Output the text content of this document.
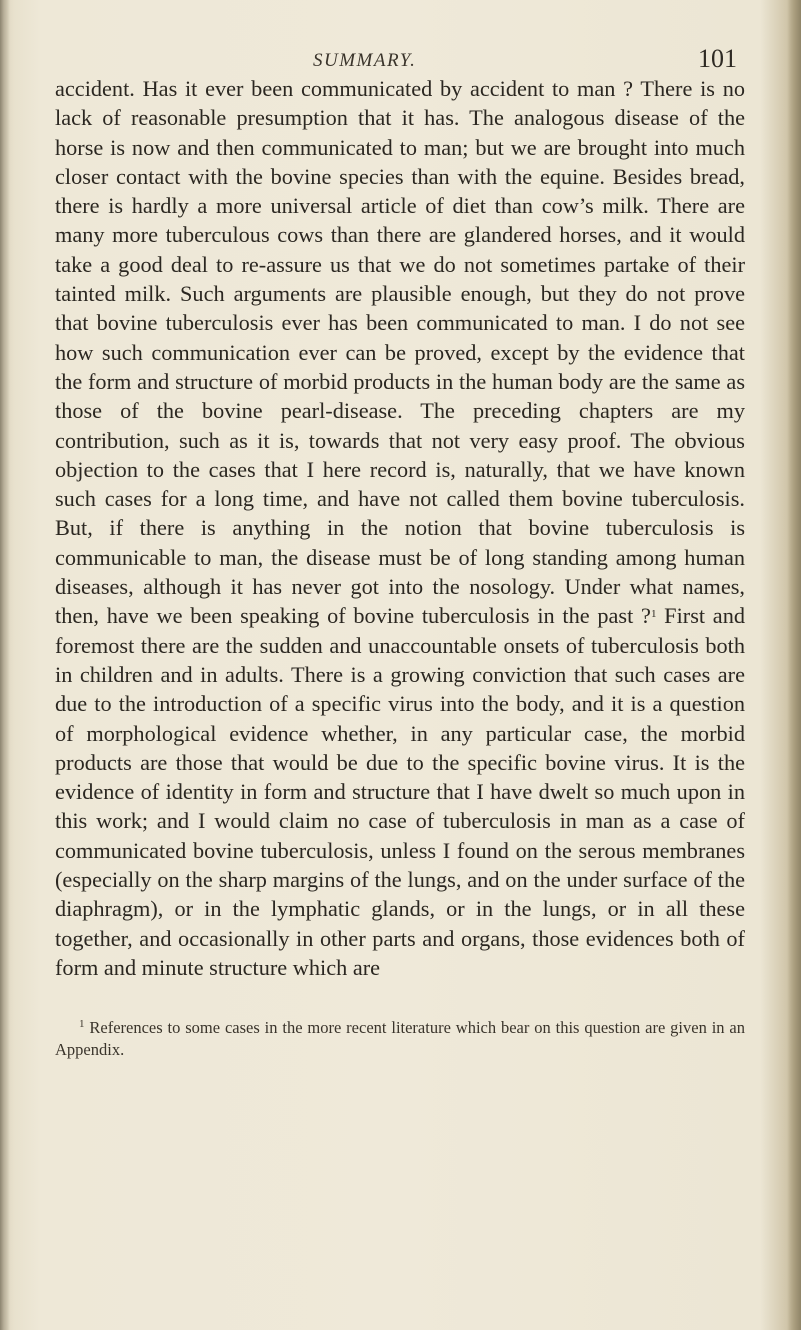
SUMMARY.	101

accident. Has it ever been communicated by accident to man ? There is no lack of reasonable presumption that it has. The analogous disease of the horse is now and then communicated to man; but we are brought into much closer contact with the bovine species than with the equine. Besides bread, there is hardly a more universal article of diet than cow’s milk. There are many more tuberculous cows than there are glandered horses, and it would take a good deal to re-assure us that we do not sometimes partake of their tainted milk. Such arguments are plausible enough, but they do not prove that bovine tuberculosis ever has been communicated to man. I do not see how such communication ever can be proved, except by the evidence that the form and structure of morbid products in the human body are the same as those of the bovine pearl-disease. The preceding chapters are my contribution, such as it is, towards that not very easy proof. The obvious objection to the cases that I here record is, naturally, that we have known such cases for a long time, and have not called them bovine tuberculosis. But, if there is anything in the notion that bovine tuberculosis is communicable to man, the disease must be of long standing among human diseases, although it has never got into the nosology. Under what names, then, have we been speaking of bovine tuberculosis in the past ?$^1$ First and foremost there are the sudden and unaccountable onsets of tuberculosis both in children and in adults. There is a growing conviction that such cases are due to the introduction of a specific virus into the body, and it is a question of morphological evidence whether, in any particular case, the morbid products are those that would be due to the specific bovine virus. It is the evidence of identity in form and structure that I have dwelt so much upon in this work; and I would claim no case of tuberculosis in man as a case of communicated bovine tuberculosis, unless I found on the serous membranes (especially on the sharp margins of the lungs, and on the under surface of the diaphragm), or in the lymphatic glands, or in the lungs, or in all these together, and occasionally in other parts and organs, those evidences both of form and minute structure which are

$^1$ References to some cases in the more recent literature which bear on this question are given in an Appendix.
